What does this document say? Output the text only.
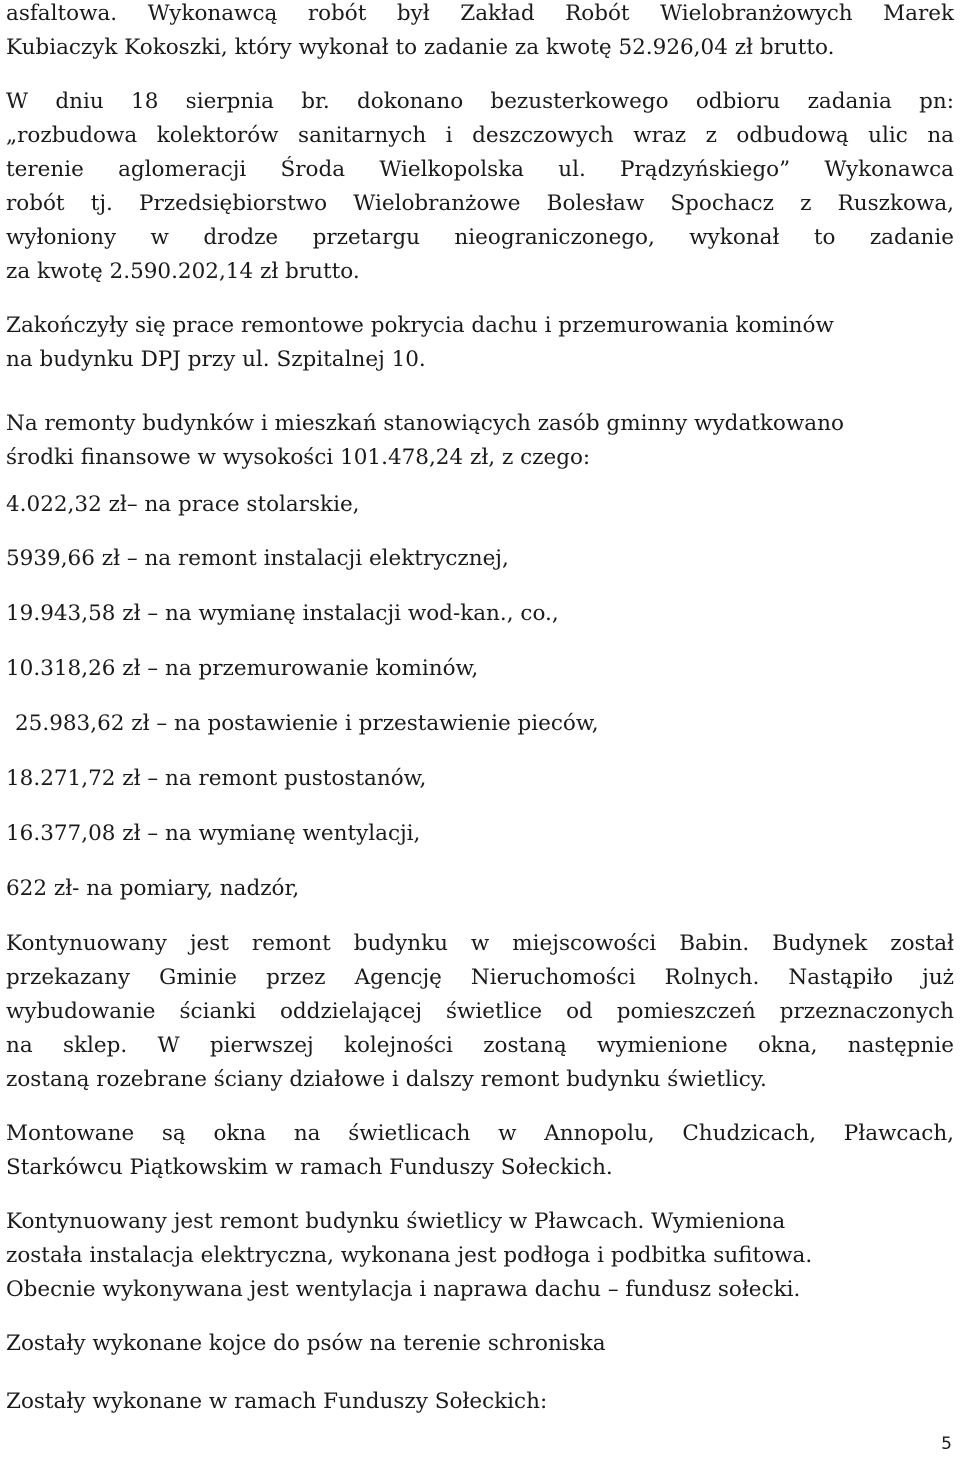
asfaltowa. Wykonawcą robót był Zakład Robót Wielobranżowych Marek
Kubiaczyk Kokoszki, który wykonał to zadanie za kwotę 52.926,04 zł brutto.

W dniu 18 sierpnia br. dokonano bezusterkowego odbioru zadania pn:
„rozbudowa kolektorów sanitarnych i deszczowych wraz z odbudową ulic na
terenie aglomeracji Środa Wielkopolska ul. Prądzyńskiego” Wykonawca
robót tj. Przedsiębiorstwo Wielobranżowe Bolesław Spochacz z Ruszkowa,
wyłoniony w drodze przetargu nieograniczonego, wykonał to zadanie
za kwotę 2.590.202,14 zł brutto.

Zakończyły się prace remontowe pokrycia dachu i przemurowania kominów
na budynku DPJ przy ul. Szpitalnej 10.

Na remonty budynków i mieszkań stanowiących zasób gminny wydatkowano
środki finansowe w wysokości 101.478,24 zł, z czego:

4.022,32 zł– na prace stolarskie,
5939,66 zł – na remont instalacji elektrycznej,
19.943,58 zł – na wymianę instalacji wod-kan., co.,
10.318,26 zł – na przemurowanie kominów,
25.983,62 zł – na postawienie i przestawienie pieców,
18.271,72 zł – na remont pustostanów,
16.377,08 zł – na wymianę wentylacji,
622 zł- na pomiary, nadzór,

Kontynuowany jest remont budynku w miejscowości Babin. Budynek został
przekazany Gminie przez Agencję Nieruchomości Rolnych. Nastąpiło już
wybudowanie ścianki oddzielającej świetlice od pomieszczeń przeznaczonych
na sklep. W pierwszej kolejności zostaną wymienione okna, następnie
zostaną rozebrane ściany działowe i dalszy remont budynku świetlicy.

Montowane są okna na świetlicach w Annopolu, Chudzicach, Pławcach,
Starkówcu Piątkowskim w ramach Funduszy Sołeckich.

Kontynuowany jest remont budynku świetlicy w Pławcach. Wymieniona
została instalacja elektryczna, wykonana jest podłoga i podbitka sufitowa.
Obecnie wykonywana jest wentylacja i naprawa dachu – fundusz sołecki.

Zostały wykonane kojce do psów na terenie schroniska

Zostały wykonane w ramach Funduszy Sołeckich:

5
